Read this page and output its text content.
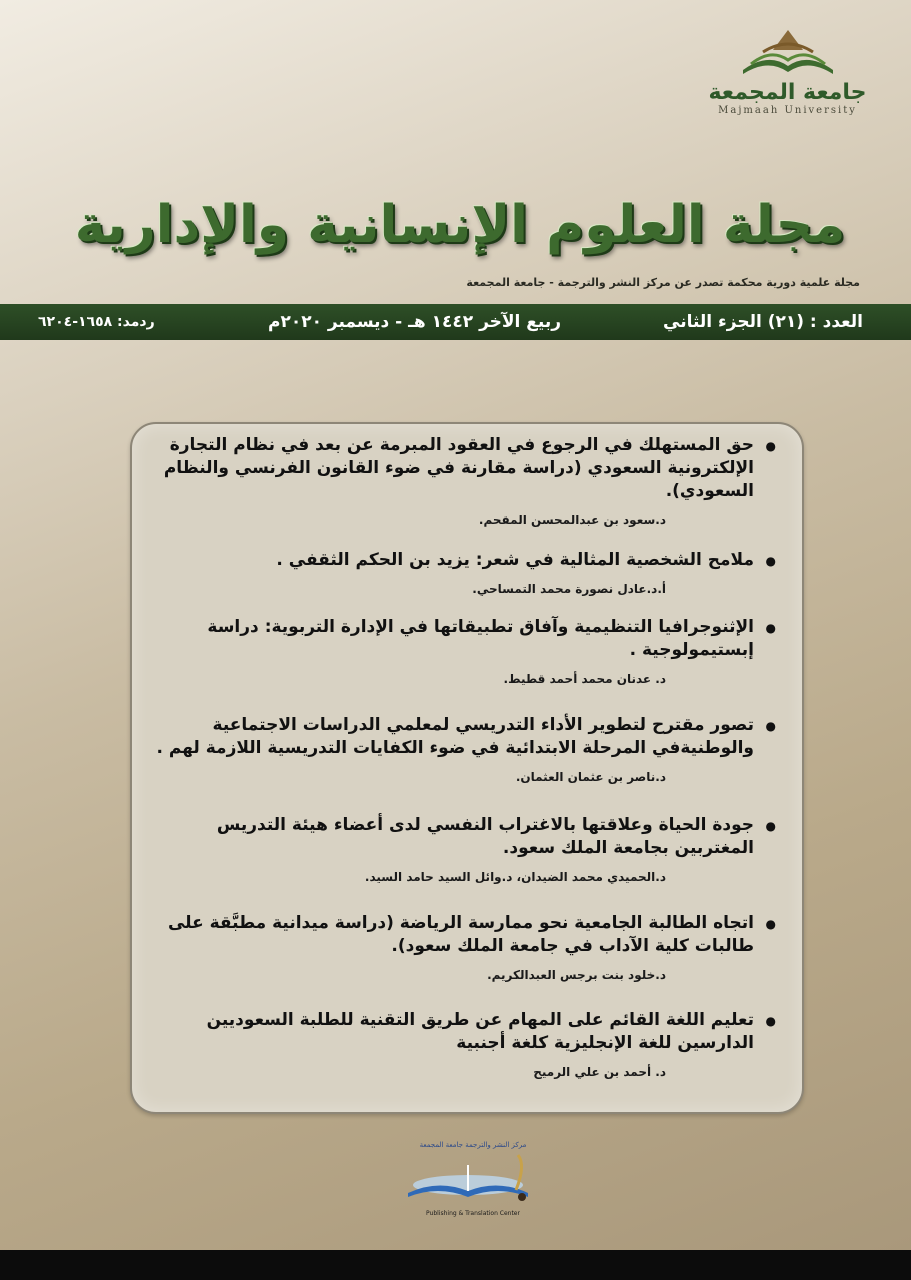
جامعة المجمعة
Majmaah University
مجلة العلوم الإنسانية والإدارية
مجلة علمية دورية محكمة تصدر عن مركز النشر والترجمة - جامعة المجمعة
العدد : (٢١) الجزء الثاني
ربيع الآخر ١٤٤٢ هـ - ديسمبر ٢٠٢٠م
ردمد: ١٦٥٨-٦٢٠٤
● حق المستهلك في الرجوع في العقود المبرمة عن بعد في نظام التجارة الإلكترونية السعودي (دراسة مقارنة في ضوء القانون الفرنسي والنظام السعودي).
د.سعود بن عبدالمحسن المقحم.
● ملامح الشخصية المثالية في شعر: يزيد بن الحكم الثقفي .
أ.د.عادل نصورة محمد التمساحي.
● الإثنوجرافيا التنظيمية وآفاق تطبيقاتها في الإدارة التربوية: دراسة إبستيمولوجية .
د. عدنان محمد أحمد قطيط.
● تصور مقترح لتطوير الأداء التدريسي لمعلمي الدراسات الاجتماعية والوطنيةفي المرحلة الابتدائية في ضوء الكفايات التدريسية اللازمة لهم .
د.ناصر بن عثمان العثمان.
● جودة الحياة وعلاقتها بالاغتراب النفسي لدى أعضاء هيئة التدريس المغتربين بجامعة الملك سعود.
د.الحميدي محمد الضيدان، د.وائل السيد حامد السيد.
● اتجاه الطالبة الجامعية نحو ممارسة الرياضة (دراسة ميدانية مطبَّقة على طالبات كلية الآداب في جامعة الملك سعود).
د.خلود بنت برجس العبدالكريم.
● تعليم اللغة القائم على المهام عن طريق التقنية للطلبة السعوديين الدارسين للغة الإنجليزية كلغة أجنبية
د. أحمد بن علي الرميح
مركز النشر والترجمة جامعة المجمعة
Publishing & Translation Center
